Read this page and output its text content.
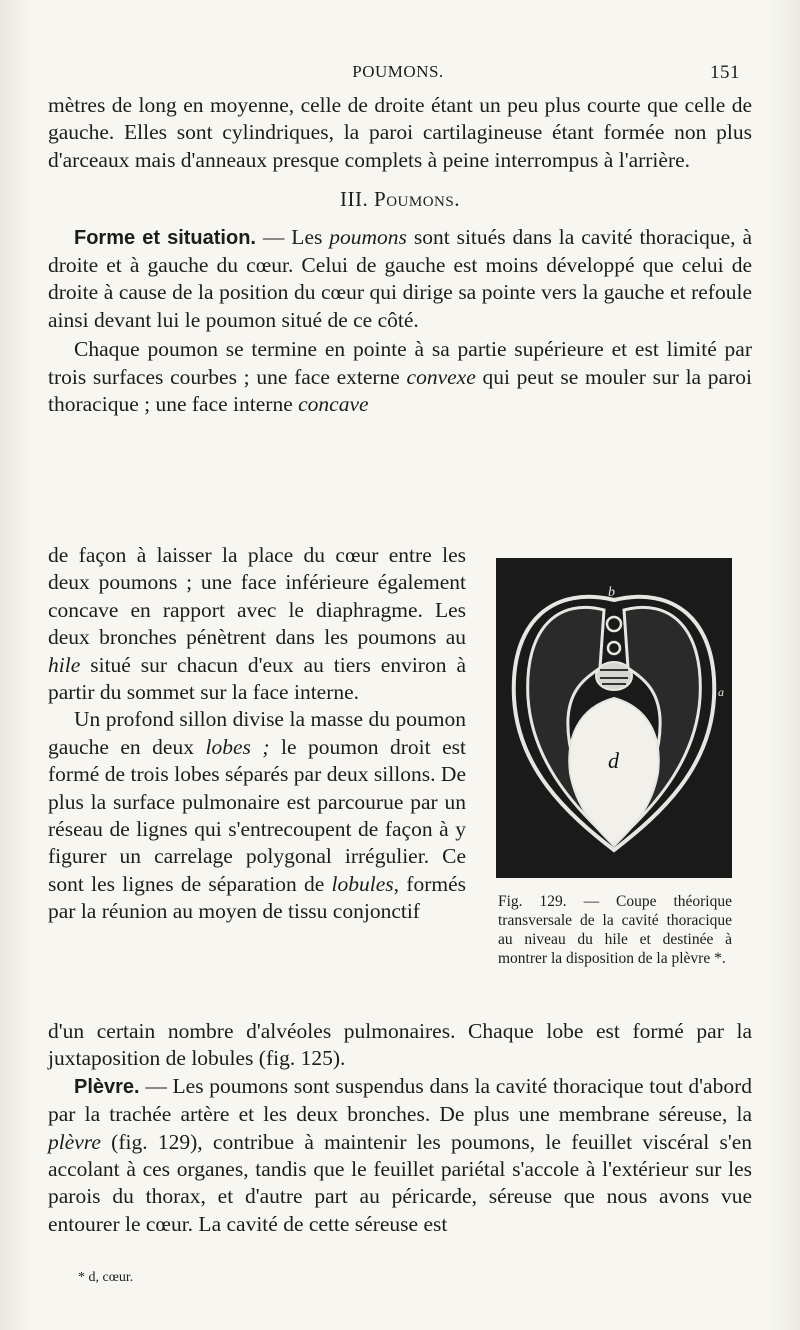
POUMONS.	151

mètres de long en moyenne, celle de droite étant un peu plus courte que celle de gauche. Elles sont cylindriques, la paroi cartilagineuse étant formée non plus d'arceaux mais d'anneaux presque complets à peine interrompus à l'arrière.

III. Poumons.

Forme et situation. — Les poumons sont situés dans la cavité thoracique, à droite et à gauche du cœur. Celui de gauche est moins développé que celui de droite à cause de la position du cœur qui dirige sa pointe vers la gauche et refoule ainsi devant lui le poumon situé de ce côté.

Chaque poumon se termine en pointe à sa partie supérieure et est limité par trois surfaces courbes ; une face externe convexe qui peut se mouler sur la paroi thoracique ; une face interne concave

de façon à laisser la place du cœur entre les deux poumons ; une face inférieure également concave en rapport avec le diaphragme. Les deux bronches pénètrent dans les poumons au hile situé sur chacun d'eux au tiers environ à partir du sommet sur la face interne.

Un profond sillon divise la masse du poumon gauche en deux lobes ; le poumon droit est formé de trois lobes séparés par deux sillons. De plus la surface pulmonaire est parcourue par un réseau de lignes qui s'entrecoupent de façon à y figurer un carrelage polygonal irrégulier. Ce sont les lignes de séparation de lobules, formés par la réunion au moyen de tissu conjonctif

d'un certain nombre d'alvéoles pulmonaires. Chaque lobe est formé par la juxtaposition de lobules (fig. 125).

Plèvre. — Les poumons sont suspendus dans la cavité thoracique tout d'abord par la trachée artère et les deux bronches. De plus une membrane séreuse, la plèvre (fig. 129), contribue à maintenir les poumons, le feuillet viscéral s'en accolant à ces organes, tandis que le feuillet pariétal s'accole à l'extérieur sur les parois du thorax, et d'autre part au péricarde, séreuse que nous avons vue entourer le cœur. La cavité de cette séreuse est

b
a
d
Fig. 129. — Coupe théorique transversale de la cavité thoracique au niveau du hile et destinée à montrer la disposition de la plèvre *.
* d, cœur.
